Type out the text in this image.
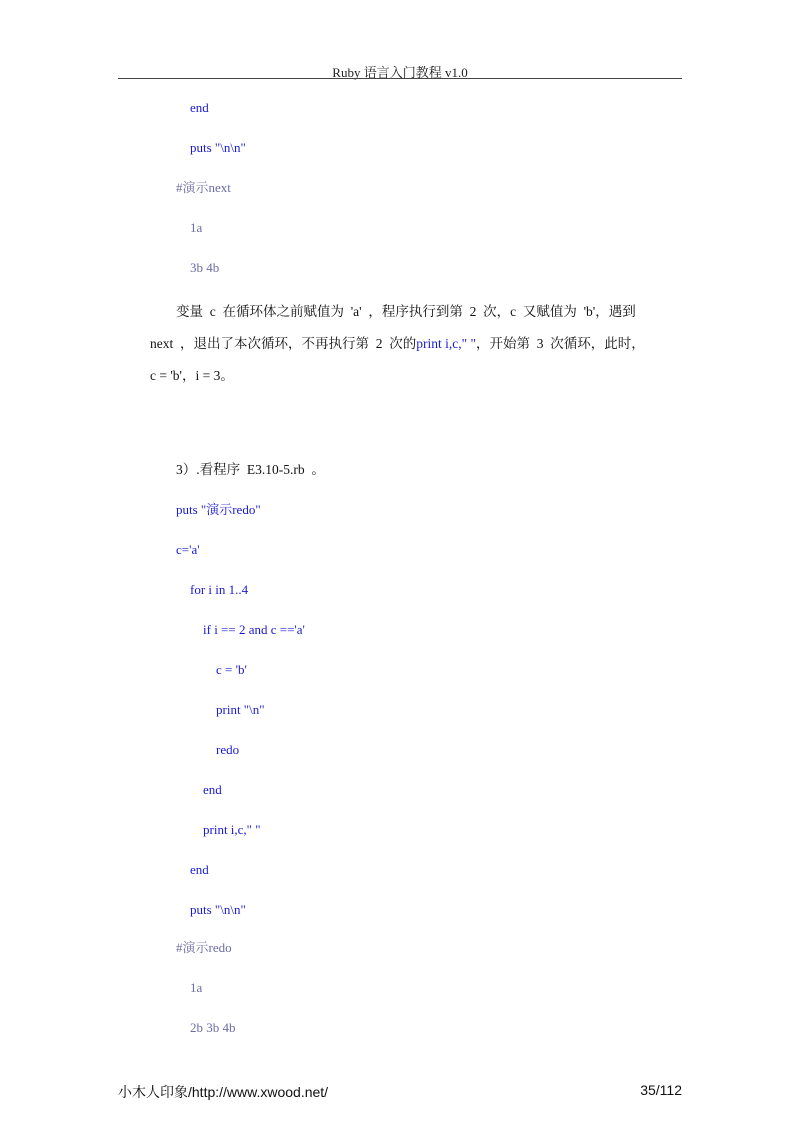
Ruby 语言入门教程 v1.0
end
puts "\n\n"
#演示next
1a
3b 4b
变量  c  在循环体之前赋值为  'a'  ，程序执行到第  2  次，c  又赋值为  'b'，遇到
next  ，退出了本次循环，不再执行第  2  次的print i,c," "，开始第  3  次循环，此时，
c = 'b'，i = 3。
3）.看程序  E3.10-5.rb  。
puts "演示redo"
c='a'
for i in 1..4
if i == 2 and c =='a'
c = 'b'
print "\n"
redo
end
print i,c," "
end
puts "\n\n"
#演示redo
1a
2b 3b 4b
小木人印象/http://www.xwood.net/	35/112
